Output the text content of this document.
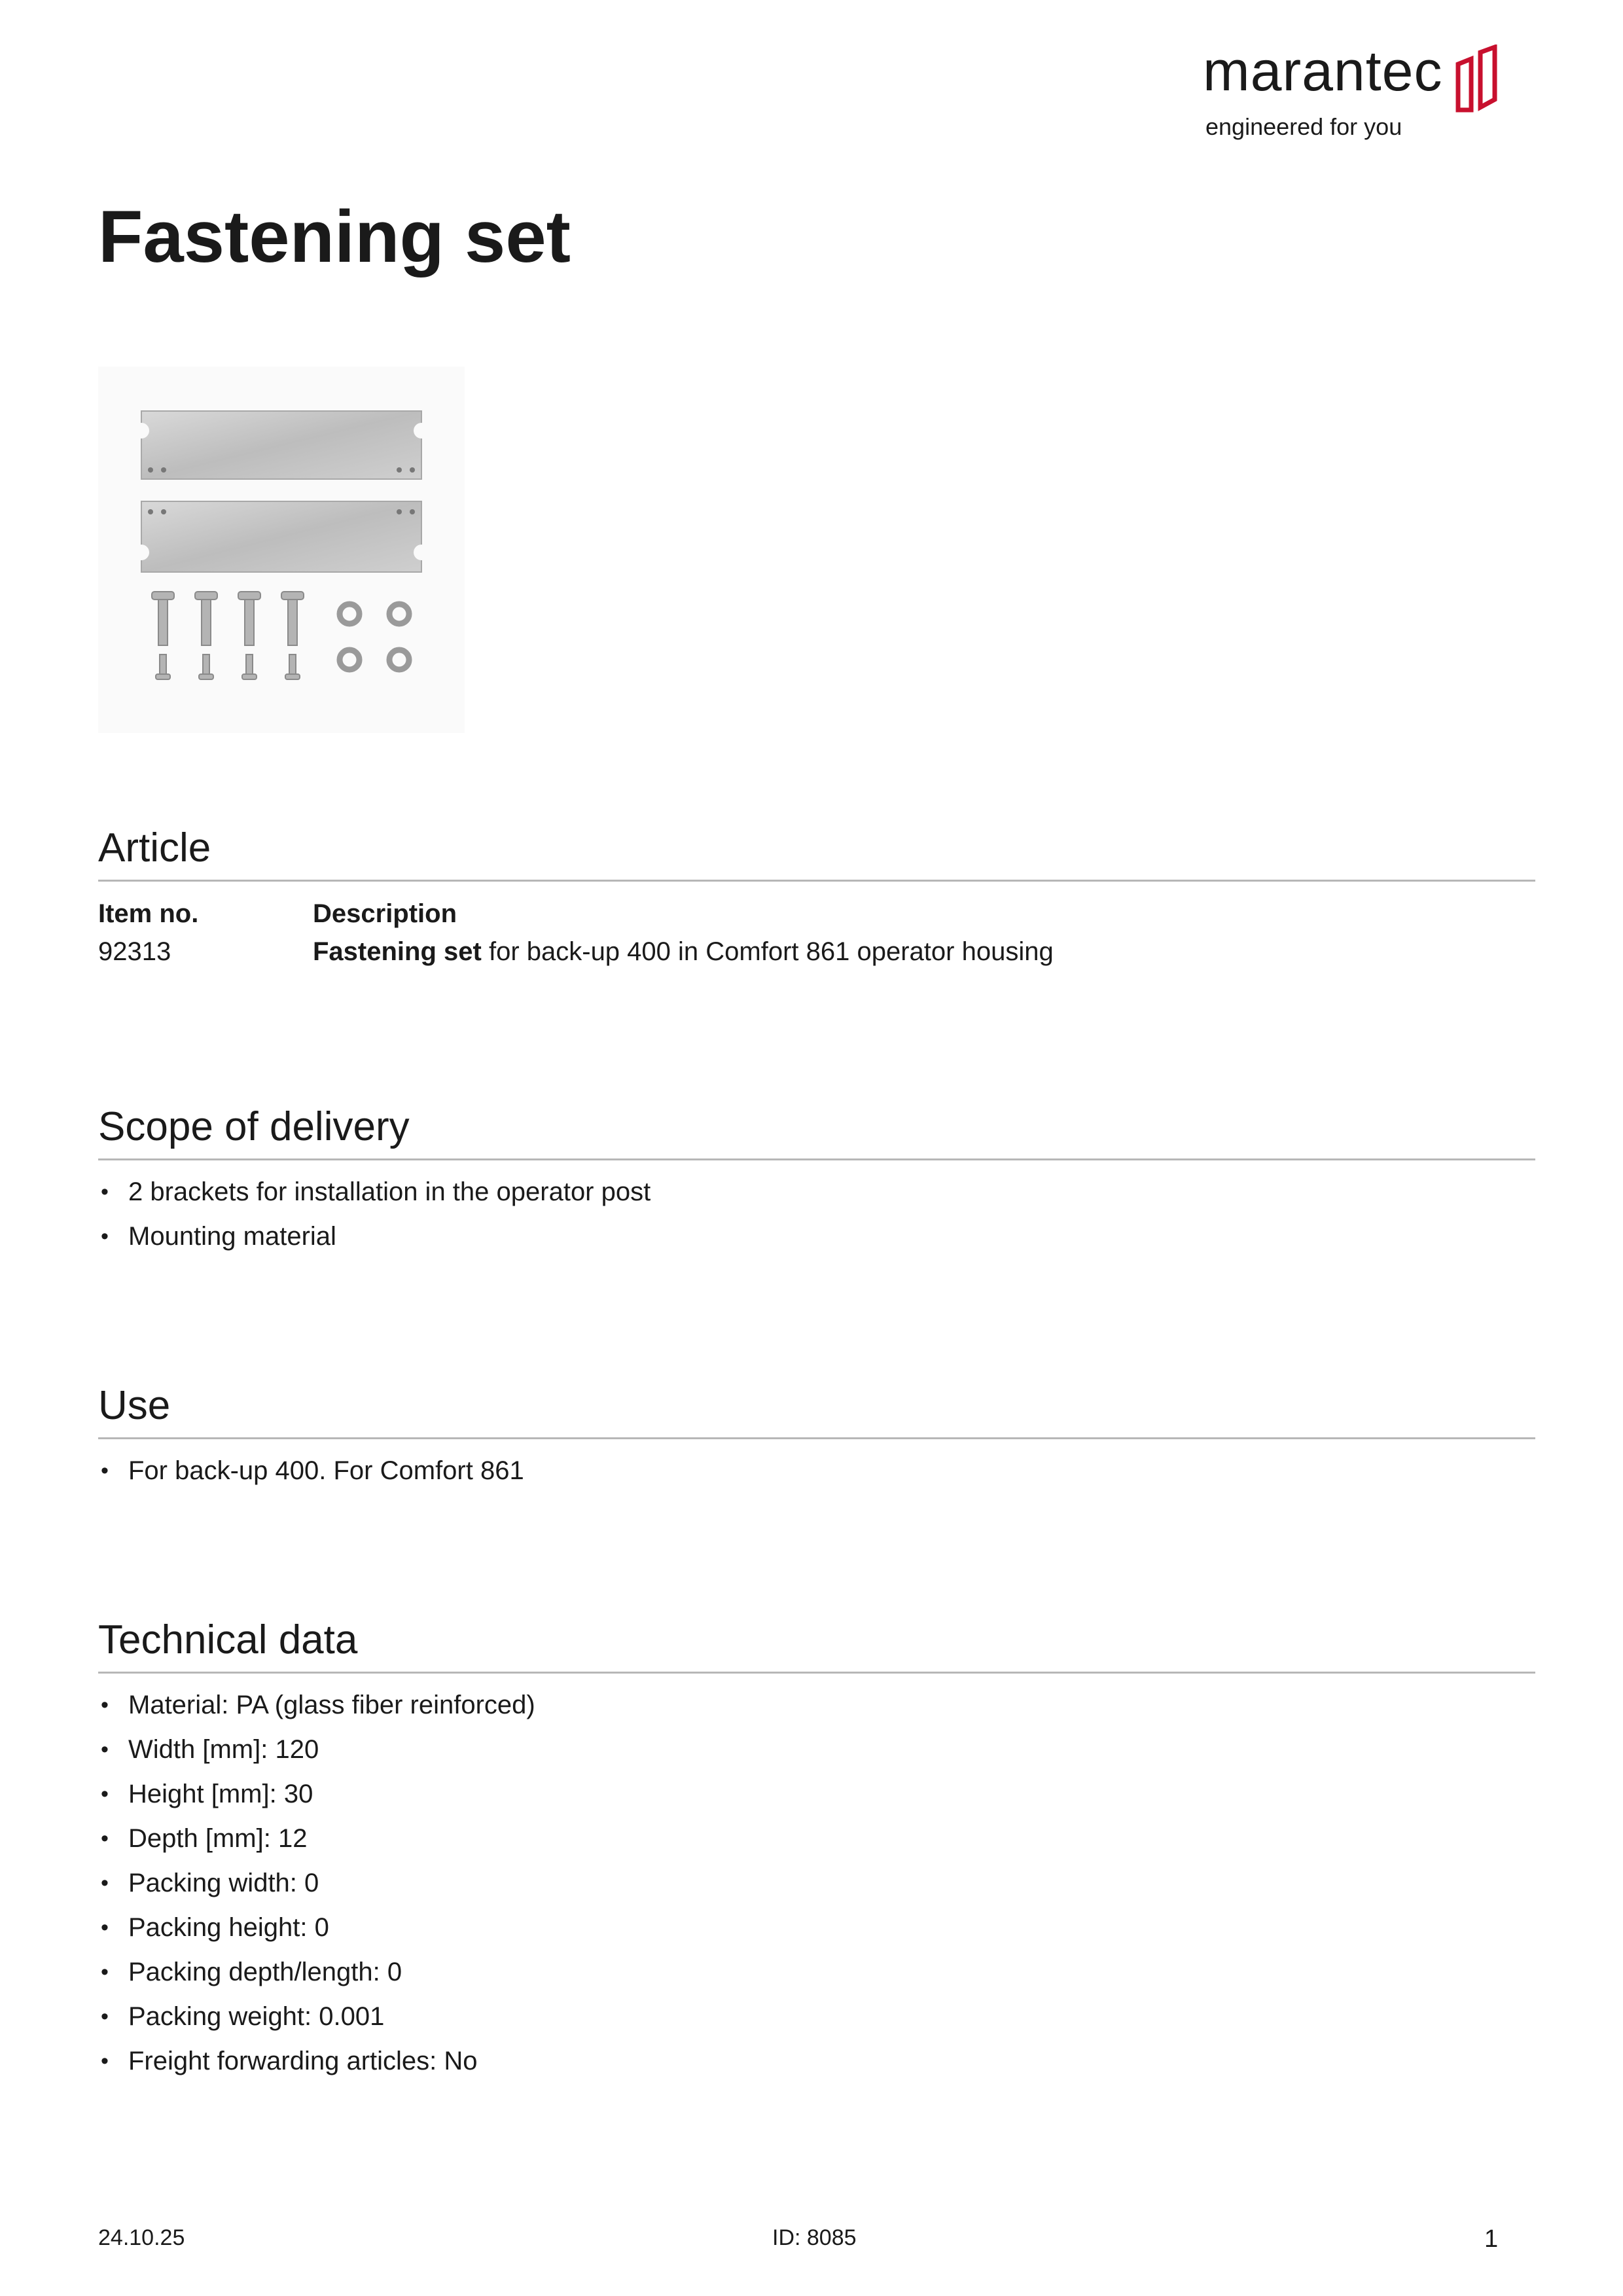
marantec
engineered for you
Fastening set
Article
Item no.	Description
92313	Fastening set for back-up 400 in Comfort 861 operator housing
Scope of delivery
• 2 brackets for installation in the operator post
• Mounting material
Use
• For back-up 400. For Comfort 861
Technical data
• Material: PA (glass fiber reinforced)
• Width [mm]: 120
• Height [mm]: 30
• Depth [mm]: 12
• Packing width: 0
• Packing height: 0
• Packing depth/length: 0
• Packing weight: 0.001
• Freight forwarding articles: No
24.10.25	ID: 8085	1
